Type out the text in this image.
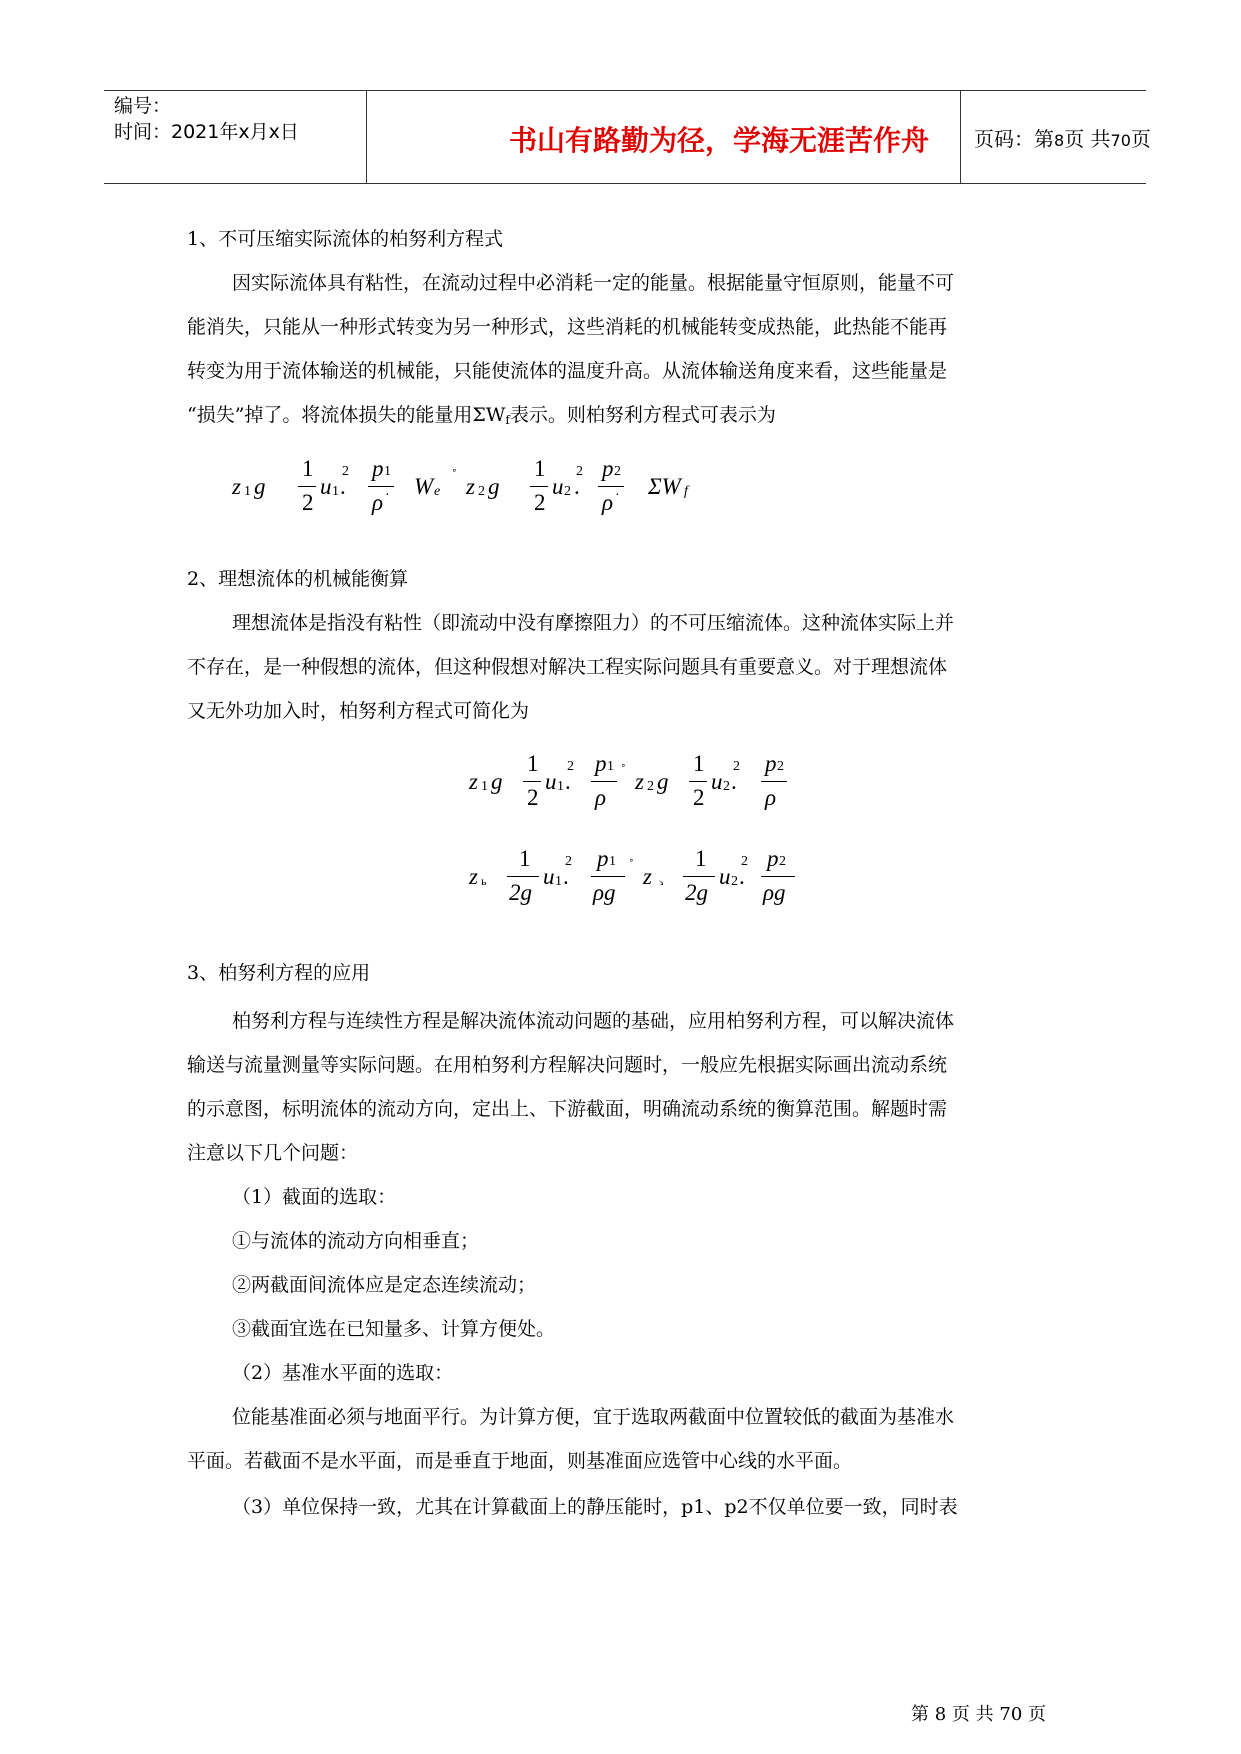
编号：
时间：2021年x月x日	书山有路勤为径，学海无涯苦作舟	页码：第8页 共70页
1、不可压缩实际流体的柏努利方程式
因实际流体具有粘性，在流动过程中必消耗一定的能量。根据能量守恒原则，能量不可
能消失，只能从一种形式转变为另一种形式，这些消耗的机械能转变成热能，此热能不能再
转变为用于流体输送的机械能，只能使流体的温度升高。从流体输送角度来看，这些能量是
“损失”掉了。将流体损失的能量用$\Sigma W_f$表示。则柏努利方程式可表示为
z 1 g
1
2
u 1
2
.
p 1
ρ · W e
˚ z 2 g
1
2
u 2
2
.
p 2
ρ · ΣW f
2、理想流体的机械能衡算
理想流体是指没有粘性（即流动中没有摩擦阻力）的不可压缩流体。这种流体实际上并
不存在，是一种假想的流体，但这种假想对解决工程实际问题具有重要意义。对于理想流体
又无外功加入时，柏努利方程式可简化为
z 1 g
1
2
u 1
2
.
p 1
ρ
˚ z 2 g
1
2
u 2
2
.
p 2
ρ
z ь
1
2g
u 1
2
.
p 1
ρg
˚ z ゝ
1
2g
u 2
2
.
p 2
ρg
3、柏努利方程的应用
柏努利方程与连续性方程是解决流体流动问题的基础，应用柏努利方程，可以解决流体
输送与流量测量等实际问题。在用柏努利方程解决问题时，一般应先根据实际画出流动系统
的示意图，标明流体的流动方向，定出上、下游截面，明确流动系统的衡算范围。解题时需
注意以下几个问题：
（1）截面的选取：
①与流体的流动方向相垂直；
②两截面间流体应是定态连续流动；
③截面宜选在已知量多、计算方便处。
（2）基准水平面的选取：
位能基准面必须与地面平行。为计算方便，宜于选取两截面中位置较低的截面为基准水
平面。若截面不是水平面，而是垂直于地面，则基准面应选管中心线的水平面。
（3）单位保持一致，尤其在计算截面上的静压能时，p1、p2不仅单位要一致，同时表
第 8 页 共 70 页
